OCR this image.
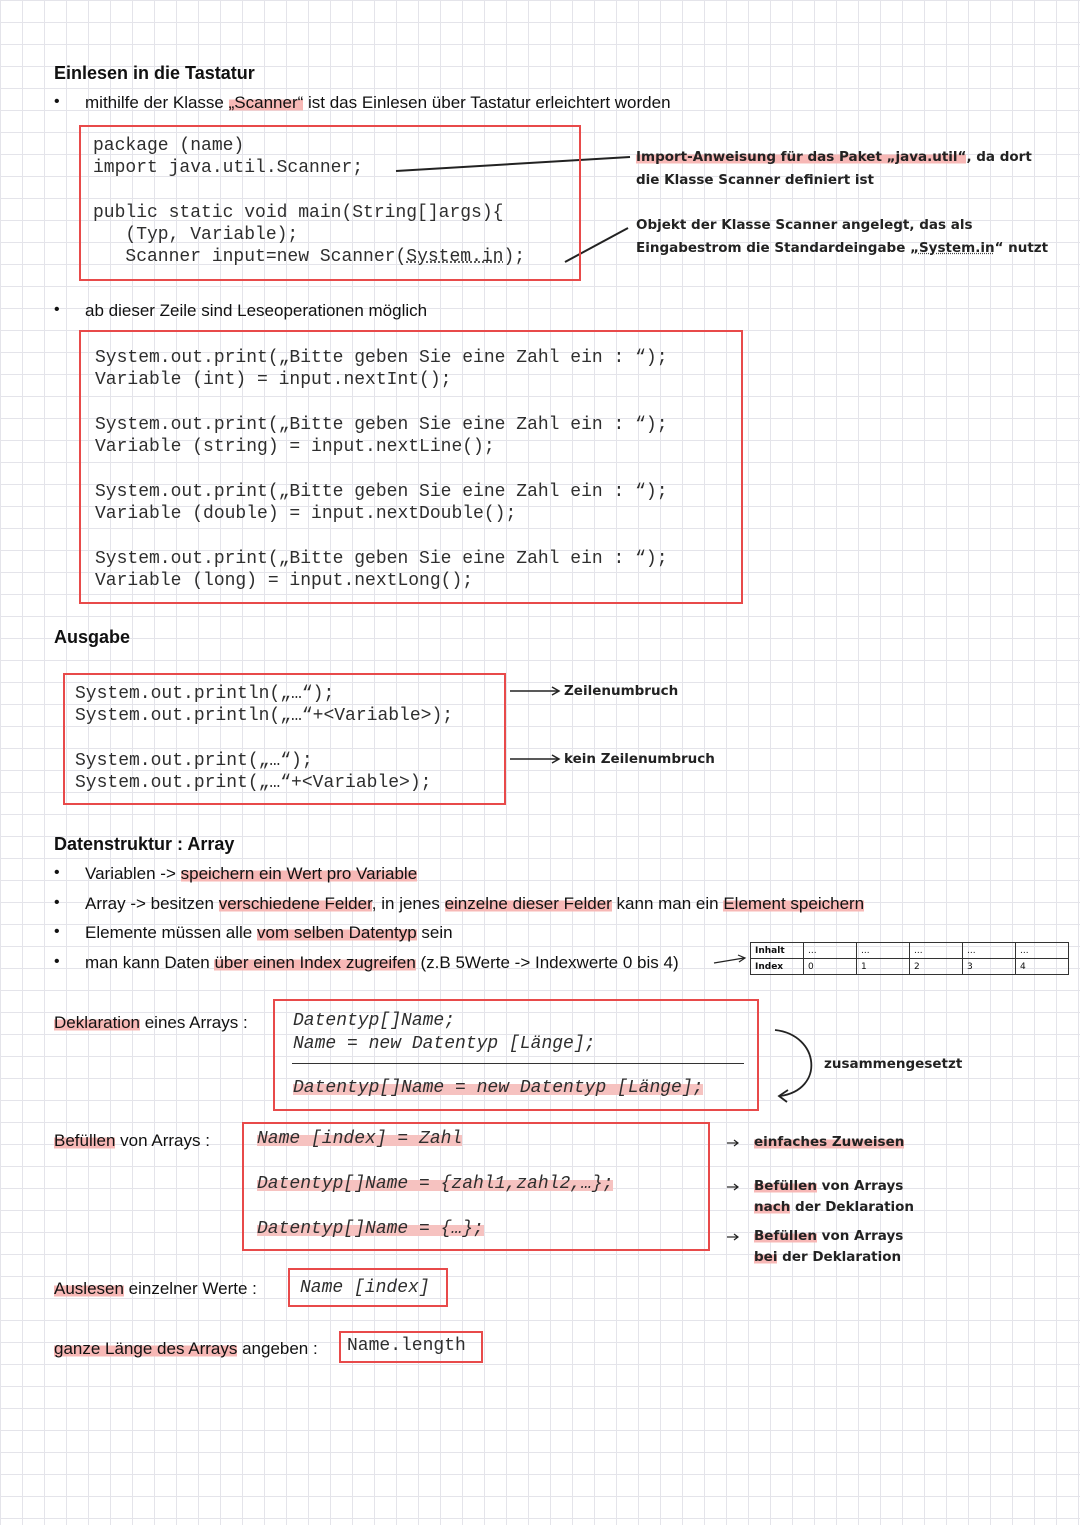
Einlesen in die Tastatur
• mithilfe der Klasse „Scanner“ ist das Einlesen über Tastatur erleichtert worden
package (name)
import java.util.Scanner;
public static void main(String[]args){
(Typ, Variable);
Scanner input=new Scanner(System.in);
Import-Anweisung für das Paket „java.util“, da dort
die Klasse Scanner definiert ist
Objekt der Klasse Scanner angelegt, das als
Eingabestrom die Standardeingabe „System.in“ nutzt
• ab dieser Zeile sind Leseoperationen möglich
System.out.print(„Bitte geben Sie eine Zahl ein : “);
Variable (int) = input.nextInt();
System.out.print(„Bitte geben Sie eine Zahl ein : “);
Variable (string) = input.nextLine();
System.out.print(„Bitte geben Sie eine Zahl ein : “);
Variable (double) = input.nextDouble();
System.out.print(„Bitte geben Sie eine Zahl ein : “);
Variable (long) = input.nextLong();
Ausgabe
System.out.println(„…“);
System.out.println(„…“+<Variable>);
System.out.print(„…“);
System.out.print(„…“+<Variable>);
Zeilenumbruch
kein Zeilenumbruch
Datenstruktur : Array
• Variablen -> speichern ein Wert pro Variable
• Array -> besitzen verschiedene Felder, in jenes einzelne dieser Felder kann man ein Element speichern
• Elemente müssen alle vom selben Datentyp sein
• man kann Daten über einen Index zugreifen (z.B 5Werte -> Indexwerte 0 bis 4)
Inhalt	...	...	...	...	...
Index	0	1	2	3	4
Deklaration eines Arrays :	Datentyp[]Name;
Name = new Datentyp [Länge];
Datentyp[]Name = new Datentyp [Länge];
zusammengesetzt
Befüllen von Arrays :	Name [index] = Zahl
Datentyp[]Name = {zahl1,zahl2,…};
Datentyp[]Name = {…};
einfaches Zuweisen
Befüllen von Arrays
nach der Deklaration
Befüllen von Arrays
bei der Deklaration
Auslesen einzelner Werte : Name [index]
ganze Länge des Arrays angeben : Name.length
